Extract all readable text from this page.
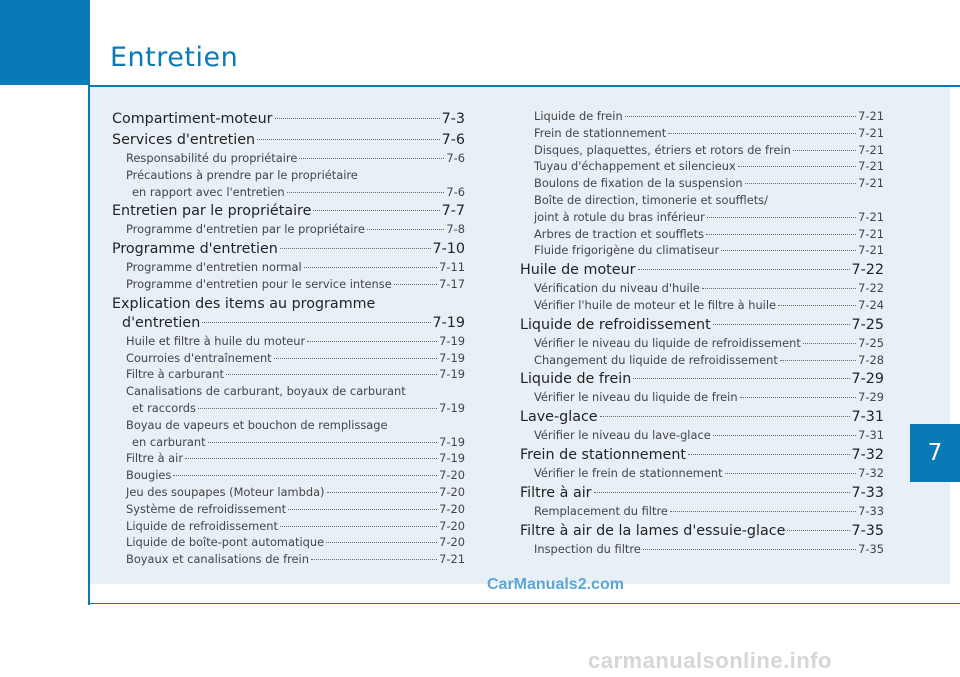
Entretien
7
Compartiment-moteur	7-3
Services d'entretien	7-6
Responsabilité du propriétaire	7-6
Précautions à prendre par le propriétaire
en rapport avec l'entretien	7-6
Entretien par le propriétaire	7-7
Programme d'entretien par le propriétaire	7-8
Programme d'entretien	7-10
Programme d'entretien normal	7-11
Programme d'entretien pour le service intense	7-17
Explication des items au programme
d'entretien	7-19
Huile et filtre à huile du moteur	7-19
Courroies d'entraînement	7-19
Filtre à carburant	7-19
Canalisations de carburant, boyaux de carburant
et raccords	7-19
Boyau de vapeurs et bouchon de remplissage
en carburant	7-19
Filtre à air	7-19
Bougies	7-20
Jeu des soupapes (Moteur lambda)	7-20
Système de refroidissement	7-20
Liquide de refroidissement	7-20
Liquide de boîte-pont automatique	7-20
Boyaux et canalisations de frein	7-21
Liquide de frein	7-21
Frein de stationnement	7-21
Disques, plaquettes, étriers et rotors de frein	7-21
Tuyau d'échappement et silencieux	7-21
Boulons de fixation de la suspension	7-21
Boîte de direction, timonerie et soufflets/
joint à rotule du bras inférieur	7-21
Arbres de traction et soufflets	7-21
Fluide frigorigène du climatiseur	7-21
Huile de moteur	7-22
Vérification du niveau d'huile	7-22
Vérifier l'huile de moteur et le filtre à huile	7-24
Liquide de refroidissement	7-25
Vérifier le niveau du liquide de refroidissement	7-25
Changement du liquide de refroidissement	7-28
Liquide de frein	7-29
Vérifier le niveau du liquide de frein	7-29
Lave-glace	7-31
Vérifier le niveau du lave-glace	7-31
Frein de stationnement	7-32
Vérifier le frein de stationnement	7-32
Filtre à air	7-33
Remplacement du filtre	7-33
Filtre à air de la lames d'essuie-glace	7-35
Inspection du filtre	7-35
CarManuals2.com
carmanualsonline.info
